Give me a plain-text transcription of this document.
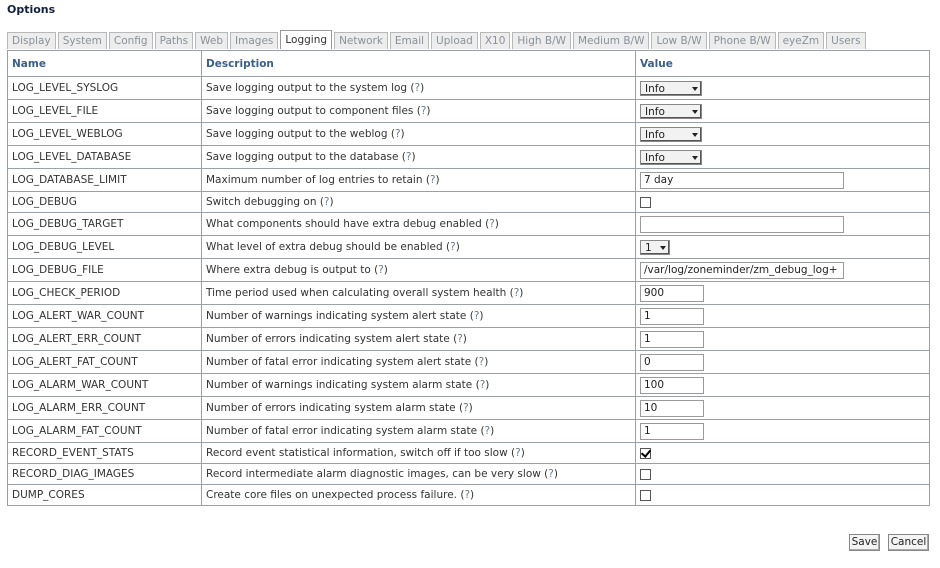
Options
Display	System	Config	Paths	Web	Images	Logging	Network	Email	Upload	X10	High B/W	Medium B/W	Low B/W	Phone B/W	eyeZm	Users
Name	Description	Value
LOG_LEVEL_SYSLOG	Save logging output to the system log (?)	Info

LOG_LEVEL_FILE	Save logging output to component files (?)	Info

LOG_LEVEL_WEBLOG	Save logging output to the weblog (?)	Info

LOG_LEVEL_DATABASE	Save logging output to the database (?)	Info

LOG_DATABASE_LIMIT	Maximum number of log entries to retain (?)	7 day
LOG_DEBUG	Switch debugging on (?)	
LOG_DEBUG_TARGET	What components should have extra debug enabled (?)	
LOG_DEBUG_LEVEL	What level of extra debug should be enabled (?)	1

LOG_DEBUG_FILE	Where extra debug is output to (?)	/var/log/zoneminder/zm_debug_log+
LOG_CHECK_PERIOD	Time period used when calculating overall system health (?)	900
LOG_ALERT_WAR_COUNT	Number of warnings indicating system alert state (?)	1
LOG_ALERT_ERR_COUNT	Number of errors indicating system alert state (?)	1
LOG_ALERT_FAT_COUNT	Number of fatal error indicating system alert state (?)	0
LOG_ALARM_WAR_COUNT	Number of warnings indicating system alarm state (?)	100
LOG_ALARM_ERR_COUNT	Number of errors indicating system alarm state (?)	10
LOG_ALARM_FAT_COUNT	Number of fatal error indicating system alarm state (?)	1
RECORD_EVENT_STATS	Record event statistical information, switch off if too slow (?)	

RECORD_DIAG_IMAGES	Record intermediate alarm diagnostic images, can be very slow (?)	
DUMP_CORES	Create core files on unexpected process failure. (?)	
Save Cancel
